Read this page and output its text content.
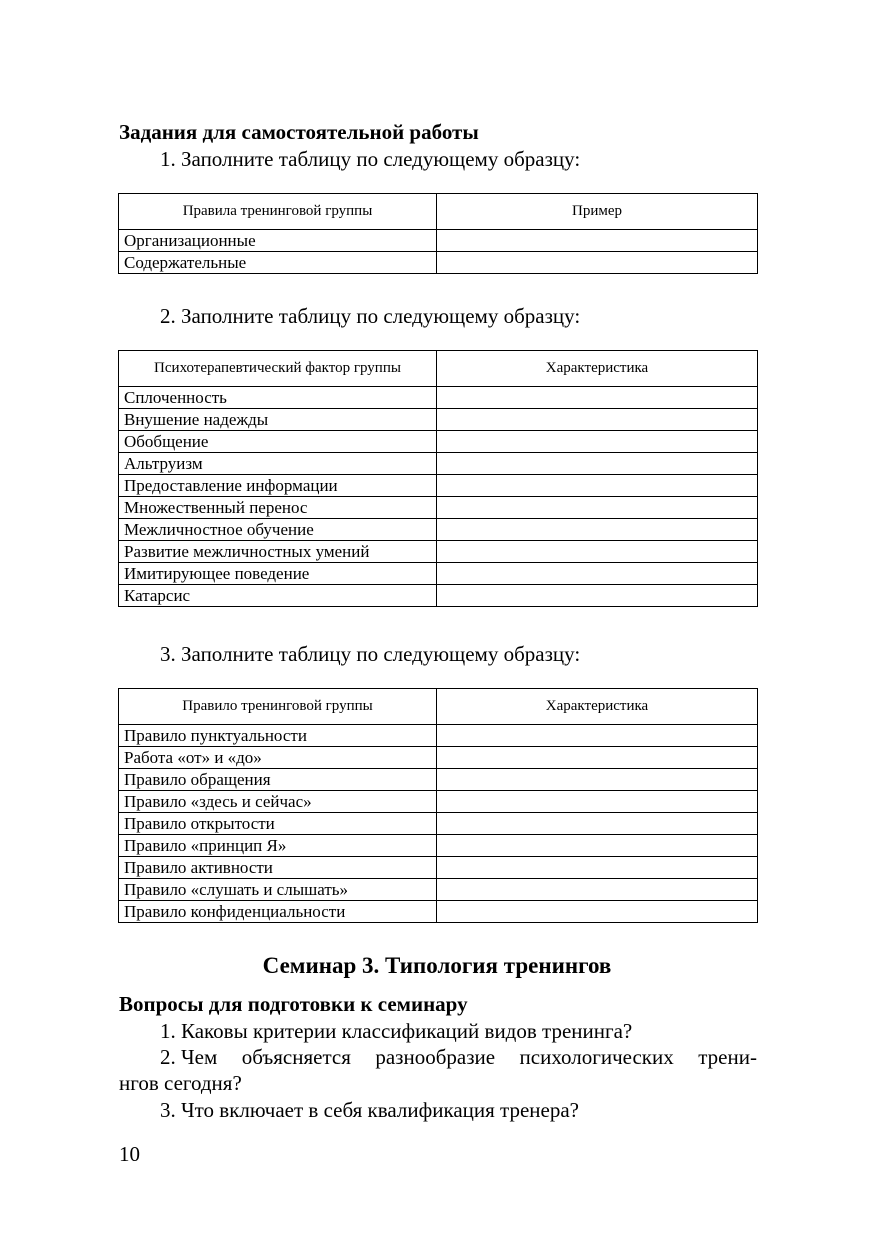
Задания для самостоятельной работы
1. Заполните таблицу по следующему образцу:
Правила тренинговой группы	Пример
Организационные	
Содержательные	
2. Заполните таблицу по следующему образцу:
Психотерапевтический фактор группы	Характеристика
Сплоченность	
Внушение надежды	
Обобщение	
Альтруизм	
Предоставление информации	
Множественный перенос	
Межличностное обучение	
Развитие межличностных умений	
Имитирующее поведение	
Катарсис	
3. Заполните таблицу по следующему образцу:
Правило тренинговой группы	Характеристика
Правило пунктуальности	
Работа «от» и «до»	
Правило обращения	
Правило «здесь и сейчас»	
Правило открытости	
Правило «принцип Я»	
Правило активности	
Правило «слушать и слышать»	
Правило конфиденциальности	
Семинар 3. Типология тренингов
Вопросы для подготовки к семинару
1. Каковы критерии классификаций видов тренинга?
2. Чем объясняется разнообразие психологических трени-
нгов сегодня?
3. Что включает в себя квалификация тренера?
10
